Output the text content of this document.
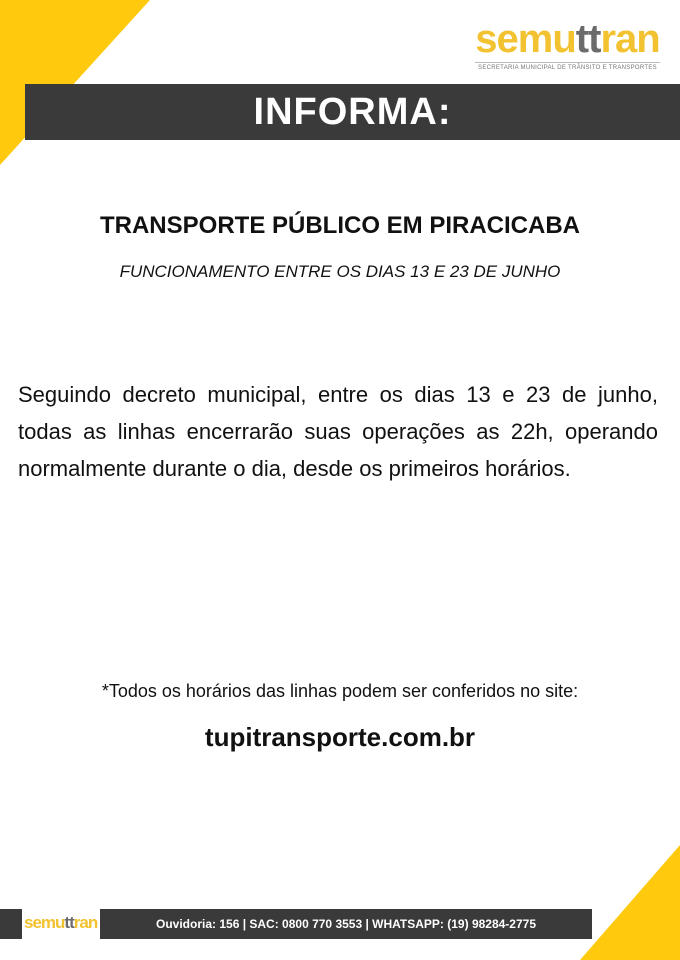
semuttran
SECRETARIA MUNICIPAL DE TRÂNSITO E TRANSPORTES
INFORMA:
TRANSPORTE PÚBLICO EM PIRACICABA
FUNCIONAMENTO ENTRE OS DIAS 13 E 23 DE JUNHO
Seguindo decreto municipal, entre os dias 13 e 23 de junho, todas as linhas encerrarão suas operações as 22h, operando normalmente durante o dia, desde os primeiros horários.
*Todos os horários das linhas podem ser conferidos no site:
tupitransporte.com.br
semuttran	Ouvidoria: 156 | SAC: 0800 770 3553 | WHATSAPP: (19) 98284-2775
